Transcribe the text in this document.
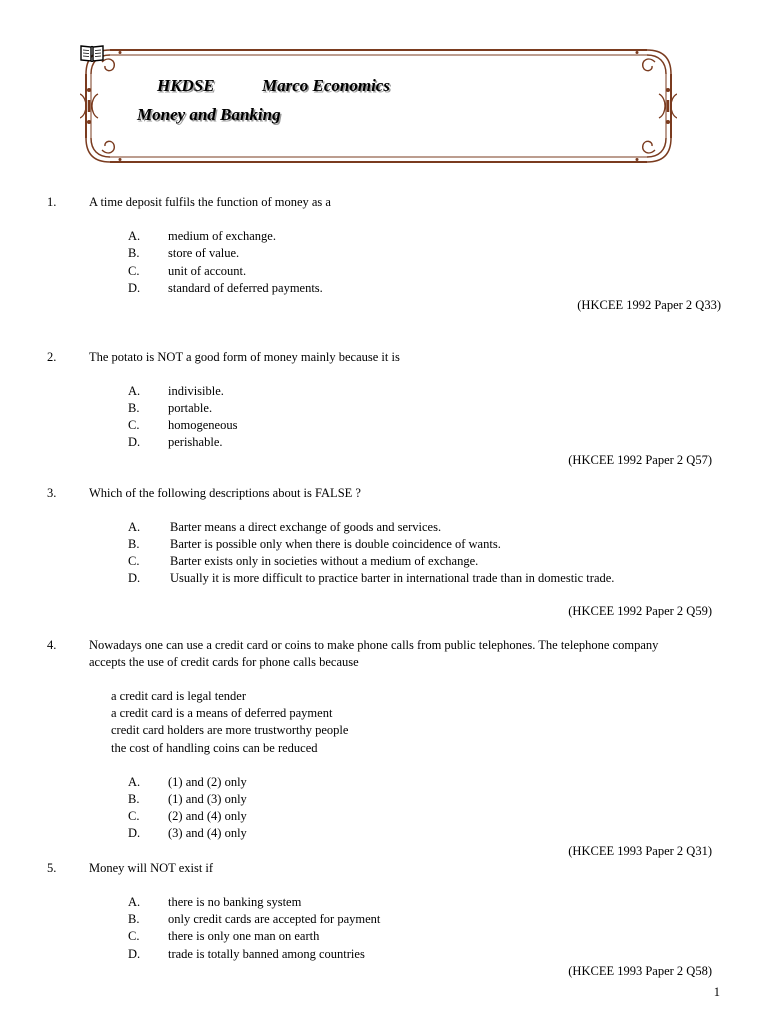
HKDSE	Marco Economics
Money and Banking
1.	A time deposit fulfils the function of money as a
A. medium of exchange.
B. store of value.
C. unit of account.
D. standard of deferred payments.
(HKCEE 1992 Paper 2 Q33)
2.	The potato is NOT a good form of money mainly because it is
A. indivisible.
B. portable.
C. homogeneous
D. perishable.
(HKCEE 1992 Paper 2 Q57)
3.	Which of the following descriptions about is FALSE ?
A. Barter means a direct exchange of goods and services.
B. Barter is possible only when there is double coincidence of wants.
C. Barter exists only in societies without a medium of exchange.
D. Usually it is more difficult to practice barter in international trade than in domestic trade.
(HKCEE 1992 Paper 2 Q59)
4.	Nowadays one can use a credit card or coins to make phone calls from public telephones. The telephone company
accepts the use of credit cards for phone calls because
a credit card is legal tender
a credit card is a means of deferred payment
credit card holders are more trustworthy people
the cost of handling coins can be reduced
A. (1) and (2) only
B. (1) and (3) only
C. (2) and (4) only
D. (3) and (4) only
(HKCEE 1993 Paper 2 Q31)
5.	Money will NOT exist if
A. there is no banking system
B. only credit cards are accepted for payment
C. there is only one man on earth
D. trade is totally banned among countries
(HKCEE 1993 Paper 2 Q58)
1
